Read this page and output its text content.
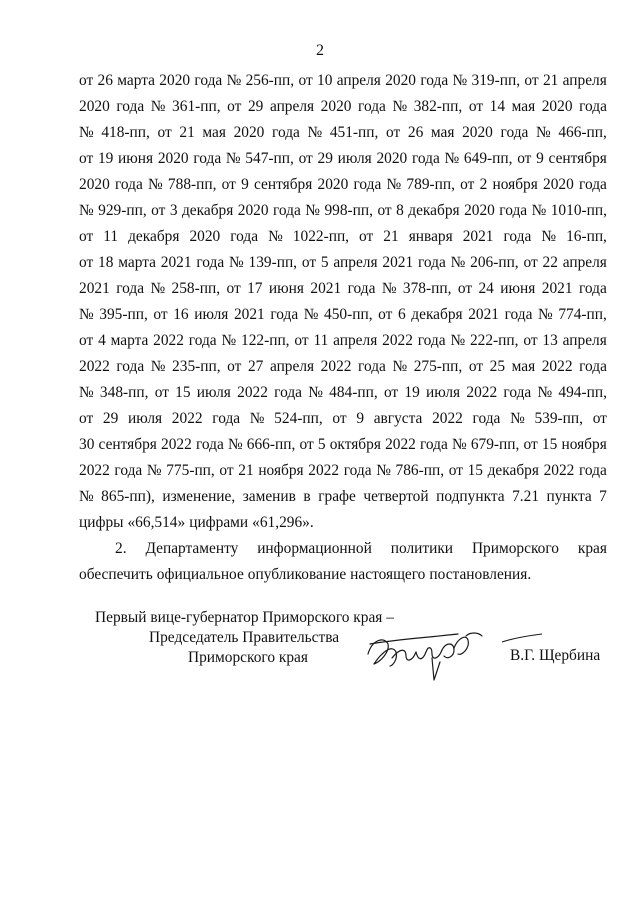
2
от 26 марта 2020 года № 256-пп, от 10 апреля 2020 года № 319-пп, от 21 апреля
2020 года № 361-пп, от 29 апреля 2020 года № 382-пп, от 14 мая 2020 года
№ 418-пп, от 21 мая 2020 года № 451-пп, от 26 мая 2020 года № 466-пп,
от 19 июня 2020 года № 547-пп, от 29 июля 2020 года № 649-пп, от 9 сентября
2020 года № 788-пп, от 9 сентября 2020 года № 789-пп, от 2 ноября 2020 года
№ 929-пп, от 3 декабря 2020 года № 998-пп, от 8 декабря 2020 года № 1010-пп,
от 11 декабря 2020 года № 1022-пп, от 21 января 2021 года № 16-пп,
от 18 марта 2021 года № 139-пп, от 5 апреля 2021 года № 206-пп, от 22 апреля
2021 года № 258-пп, от 17 июня 2021 года № 378-пп, от 24 июня 2021 года
№ 395-пп, от 16 июля 2021 года № 450-пп, от 6 декабря 2021 года № 774-пп,
от 4 марта 2022 года № 122-пп, от 11 апреля 2022 года № 222-пп, от 13 апреля
2022 года № 235-пп, от 27 апреля 2022 года № 275-пп, от 25 мая 2022 года
№ 348-пп, от 15 июля 2022 года № 484-пп, от 19 июля 2022 года № 494-пп,
от 29 июля 2022 года № 524-пп, от 9 августа 2022 года № 539-пп, от
30 сентября 2022 года № 666-пп, от 5 октября 2022 года № 679-пп, от 15 ноября
2022 года № 775-пп, от 21 ноября 2022 года № 786-пп, от 15 декабря 2022 года
№ 865-пп), изменение, заменив в графе четвертой подпункта 7.21 пункта 7
цифры «66,514» цифрами «61,296».
2. Департаменту информационной политики Приморского края
обеспечить официальное опубликование настоящего постановления.
Первый вице-губернатор Приморского края –
Председатель Правительства
Приморского края	В.Г. Щербина
